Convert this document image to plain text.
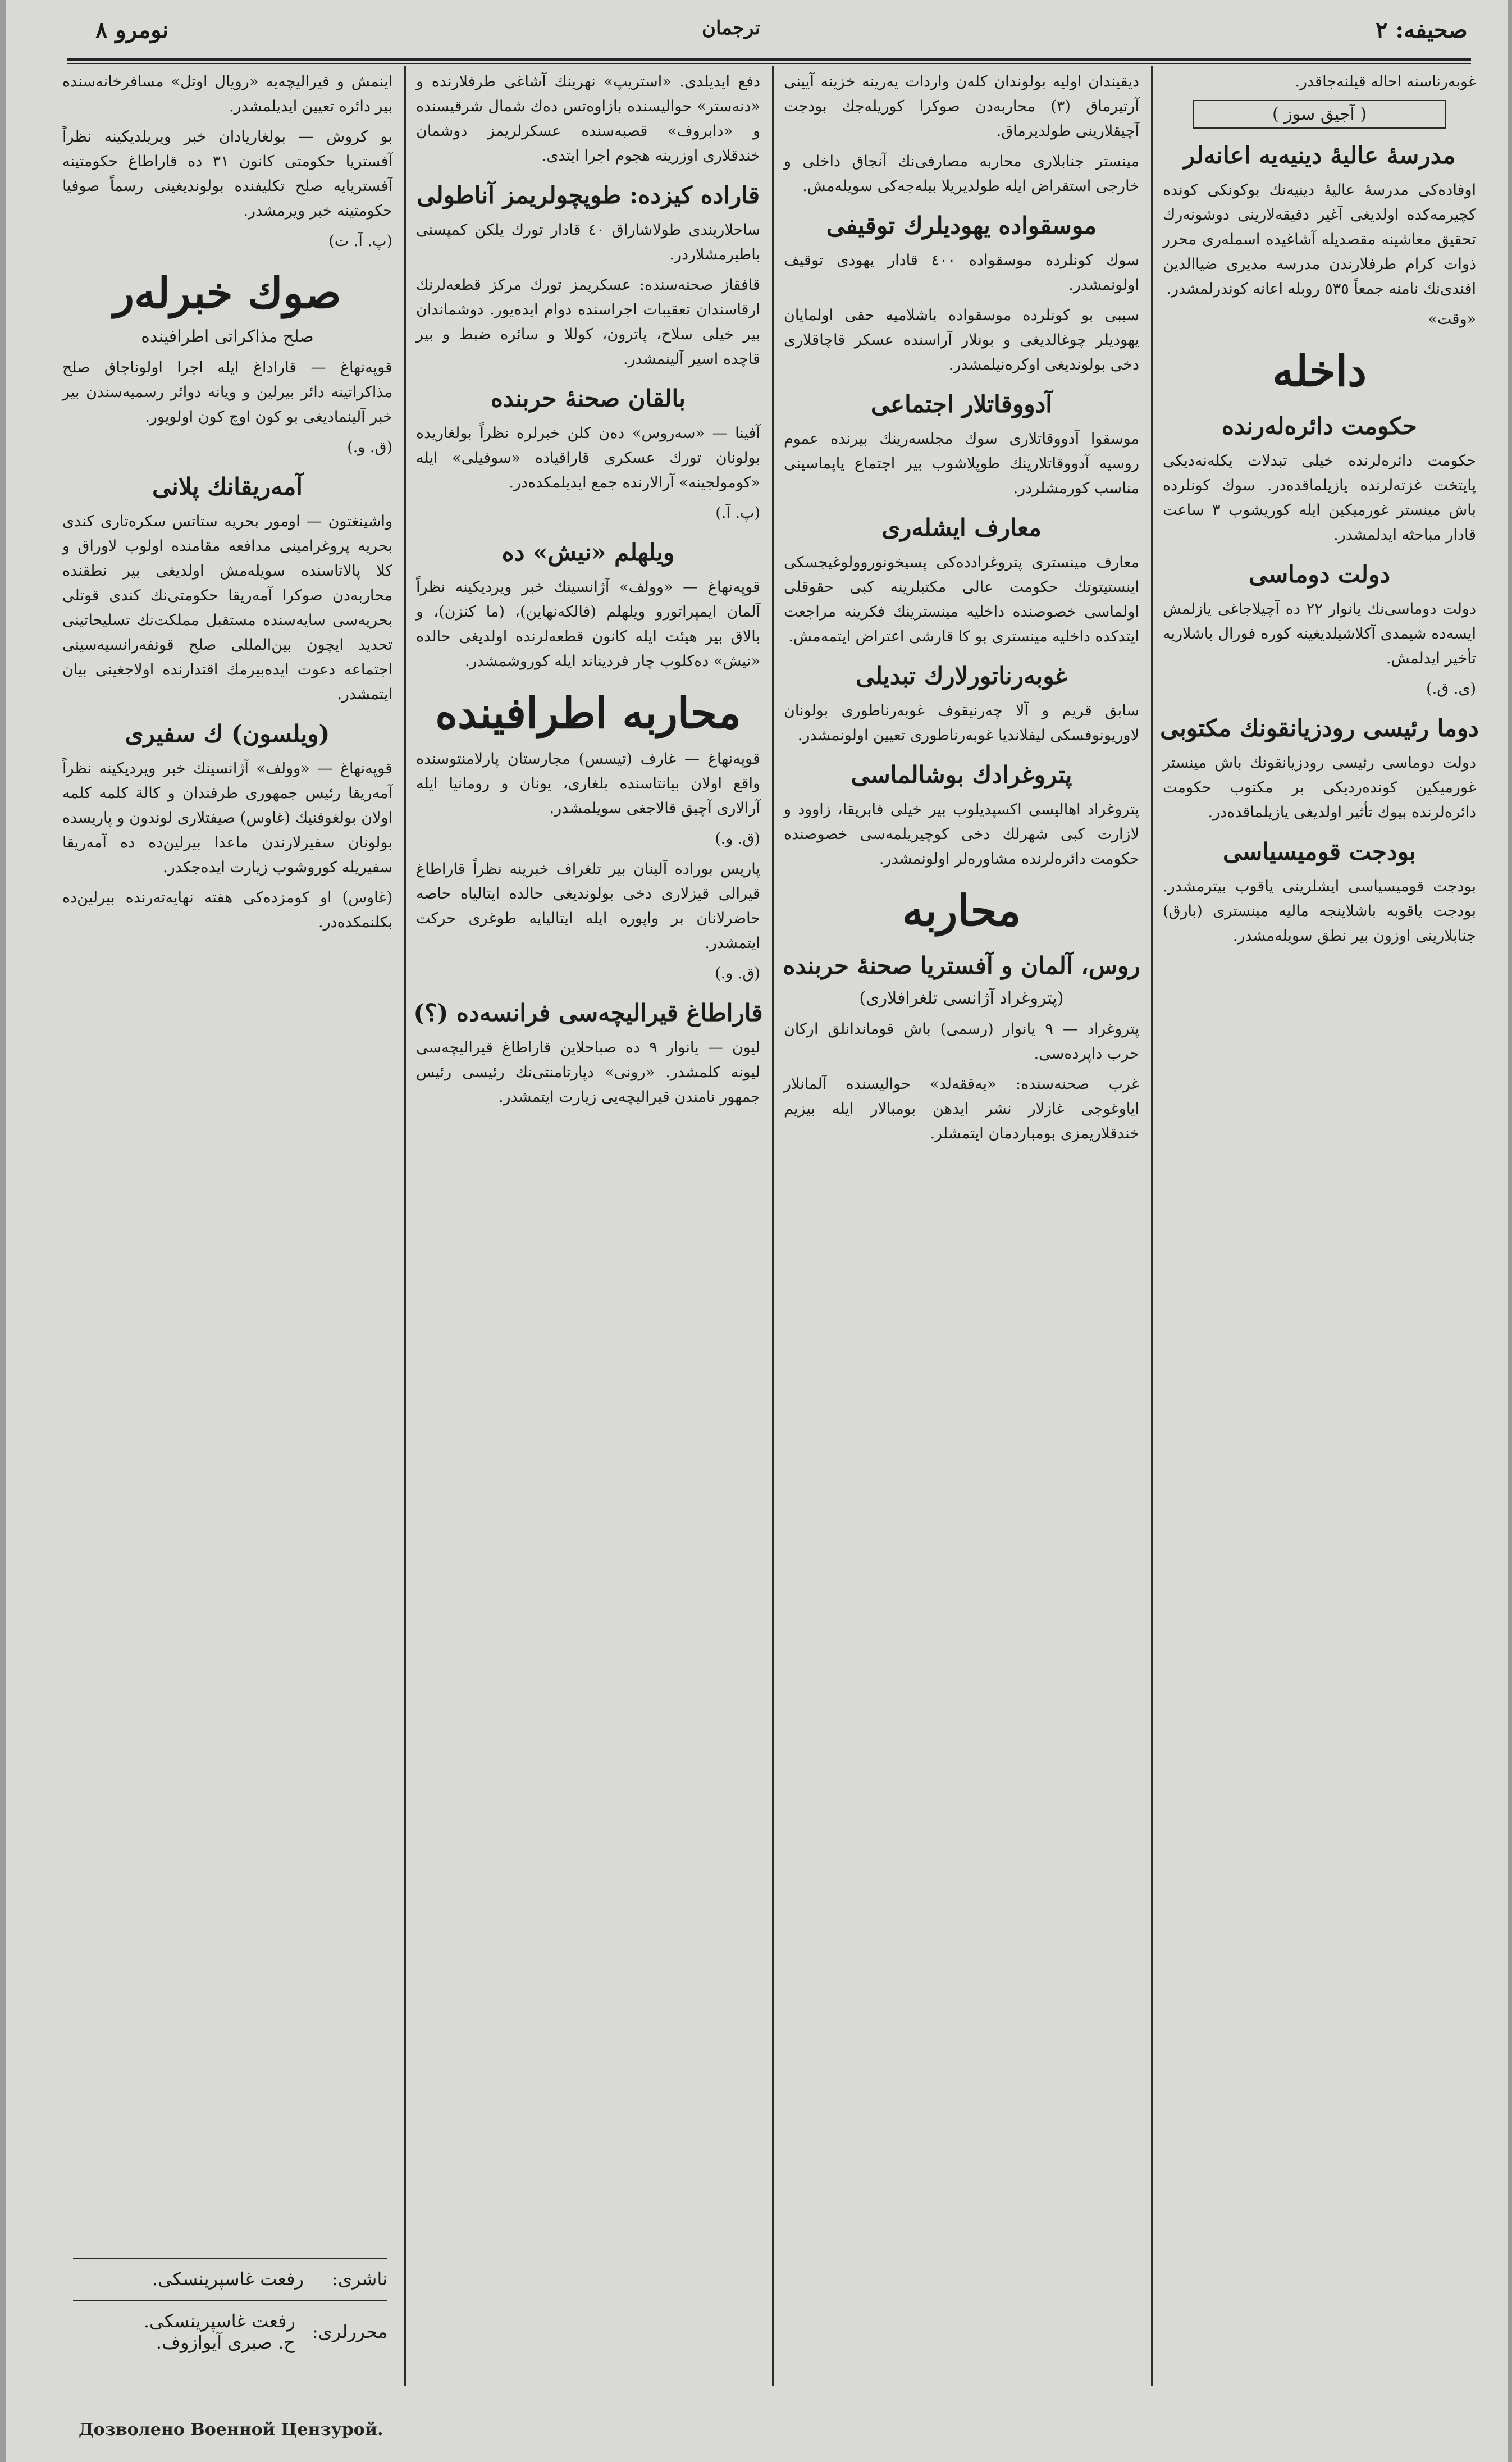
نومرو ٨	ترجمان	صحیفه: ٢
غوبه‌رناسنه احاله قیلنه‌جاقدر.
( آجیق سوز )
مدرسهٔ عالیهٔ دینیه‌یه اعانه‌لر
اوفاده‌کی مدرسهٔ عالیهٔ دینیه‌نك بوکونکی کونده کچیرمه‌کده اولدیغی آغیر دقیقه‌لارینی دوشونه‌رك تحقیق معاشینه مقصدیله آشاغیده اسمله‌ری محرر ذوات کرام طرفلارندن مدرسه مدیری ضیاالدین افندی‌نك نامنه جمعاً ٥٣٥ روبله اعانه کوندرلمشدر.
«وقت»
داخله
حکومت دائره‌له‌رنده
حکومت دائره‌لرنده خیلی تبدلات یکله‌نه‌دیکی پایتخت غزته‌لرنده یازیلماقده‌در. سوك کونلرده باش مینستر غورمیکین ایله کوریشوب ٣ ساعت قادار مباحثه ایدلمشدر.
دولت دوماسی
دولت دوماسی‌نك یانوار ٢٢ ده آچیلاجاغی یازلمش ایسه‌ده شیمدی آکلاشیلدیغینه کوره فورال باشلاریه تأخیر ایدلمش.
(ی. ق.)
دوما رئیسی رودزیانقونك مکتوبی
دولت دوماسی رئیسی رودزیانقونك باش مینستر غورمیکین کونده‌ردیکی بر مکتوب حکومت دائره‌لرنده بیوك تأثیر اولدیغی یازیلماقده‌در.
بودجت قومیسیاسی
بودجت قومیسیاسی ایشلرینی یاقوب بیترمشدر. بودجت یاقوبه باشلاینجه مالیه مینستری (بارق) جنابلارینی اوزون بیر نطق سویله‌مشدر.
دیقیندان اولیه بولوندان کله‌ن واردات یه‌رینه خزینه آیینی آرتیرماق (٣) محاربه‌دن صوکرا کوریله‌جك بودجت آچیقلارینی طولدیرماق.
مینستر جنابلاری محاربه مصارفی‌نك آنجاق داخلی و خارجی استقراض ایله طولدیریلا بیله‌جه‌کی سویله‌مش.
موسقواده یهودیلرك توقیفی
سوك کونلرده موسقواده ٤٠٠ قادار یهودی توقیف اولونمشدر.
سببی بو کونلرده موسقواده باشلامیه حقی اولمایان یهودیلر چوغالدیغی و بونلار آراسنده عسکر قاچاقلاری دخی بولوندیغی اوکره‌نیلمشدر.
آدووقاتلار اجتماعی
موسقوا آدووقاتلاری سوك مجلسه‌رینك بیرنده عموم روسیه آدووقاتلارینك طوپلاشوب بیر اجتماع یاپماسینی مناسب کورمشلردر.
معارف ایشله‌ری
معارف مینستری پتروغرادده‌کی پسیخونوروولوغیجسکی اینستیتوتك حکومت عالی مکتبلرینه کبی حقوقلی اولماسی خصوصنده داخلیه مینسترینك فکرینه مراجعت ایتدکده داخلیه مینستری بو کا قارشی اعتراض ایتمه‌مش.
غوبه‌رناتورلارك تبدیلی
سابق قریم و آلا چه‌رنیقوف غوبه‌رناطوری بولونان لاوریونوفسکی لیفلاندیا غوبه‌رناطوری تعیین اولونمشدر.
پتروغرادك بوشالماسی
پتروغراد اهالیسی اکسپدیلوب بیر خیلی فابریقا، زاوود و لازارت کبی شهرلك دخی کوچیریلمه‌سی خصوصنده حکومت دائره‌لرنده مشاوره‌لر اولونمشدر.
محاربه
روس، آلمان و آفستریا صحنهٔ حربنده
(پتروغراد آژانسی تلغرافلاری)
پتروغراد — ٩ یانوار (رسمی) باش قوماندانلق ارکان حرب داپرده‌سی.
غرب صحنه‌سنده: «یه‌ققه‌لد» حوالیسنده آلمانلار ایاوغوجی غازلار نشر ایدهن بومبالار ایله بیزیم خندقلاریمزی بومباردمان ایتمشلر.
دفع ایدیلدی. «استریپ» نهرینك آشاغی طرفلارنده و «دنه‌ستر» حوالیسنده بازاوه‌تس ده‌ك شمال شرقیسنده و «دابروف» قصبه‌سنده عسکرلریمز دوشمان خندقلاری اوزرینه هجوم اجرا ایتدی.
قاراده کیزده: طوپچولریمز آناطولی
ساحلاریندی طولاشاراق ٤٠ قادار تورك یلکن کمپسنی باطیرمشلاردر.
قافقاز صحنه‌سنده: عسکریمز تورك مرکز قطعه‌لرنك ارقاسندان تعقیبات اجراسنده دوام ایده‌یور. دوشماندان بیر خیلی سلاح، پاترون، کوللا و سائره ضبط و بیر قاچده اسیر آلینمشدر.
بالقان صحنهٔ حربنده
آفینا — «سه‌روس» ده‌ن کلن خبرلره نظراً بولغاریده بولونان تورك عسکری قاراقیاده «سوفیلی» ایله «کومولجینه» آرالارنده جمع ایدیلمکده‌در.
(پ. آ.)
ویلهلم «نیش» ده
قوپه‌نهاغ — «وولف» آژانسینك خبر ویردیکینه نظراً آلمان ایمپراتورو ویلهلم (فالکه‌نهاین)، (ما کنزن)، و بالاق بیر هیئت ایله کانون قطعه‌لرنده اولدیغی حالده «نیش» ده‌کلوب چار فردیناند ایله کوروشمشدر.
محاربه اطرافینده
قوپه‌نهاغ — غارف (تیسس) مجارستان پارلامنتوسنده واقع اولان بیانتاسنده بلغاری، یونان و رومانیا ایله آرالاری آچیق قالاجغی سویلمشدر.
(ق. و.)
پاریس بوراده آلینان بیر تلغراف خبرینه نظراً قاراطاغ قیرالی قیزلاری دخی بولوندیغی حالده ایتالیاه حاصه حاضرلانان بر واپوره ایله ایتالیایه طوغری حرکت ایتمشدر.
(ق. و.)
قاراطاغ قیرالیچه‌سی فرانسه‌ده (؟)
لیون — یانوار ٩ ده صباحلاین قاراطاغ قیرالیچه‌سی لیونه کلمشدر. «رونی» دپارتامنتی‌نك رئیسی رئیس جمهور نامندن قیرالیچه‌یی زیارت ایتمشدر.
اینمش و قیرالیچه‌یه «رویال اوتل» مسافرخانه‌سنده بیر دائره تعیین ایدیلمشدر.
بو کروش — بولغاریادان خبر ویریلدیکینه نظراً آفستریا حکومتی کانون ٣١ ده قاراطاغ حکومتینه آفستریایه صلح تکلیفنده بولوندیغینی رسماً صوفیا حکومتینه خبر ویرمشدر.
(پ. آ. ت)
صوك خبرله‌ر
صلح مذاکراتی اطرافینده
قوپه‌نهاغ — قاراداغ ایله اجرا اولونا‌جاق صلح مذاکراتینه دائر بیرلین و ویانه دوائر رسمیه‌سندن بیر خبر آلینمادیغی بو کون اوچ کون اولویور.
(ق. و.)
آمه‌ریقانك پلانی
واشینغتون — اومور بحریه ستاتس سکره‌تاری کندی بحریه پروغرامینی مدافعه مقامنده اولوب لاوراق و کلا پالاتاسنده سویله‌مش اولدیغی بیر نطقنده محاربه‌دن صوکرا آمه‌ریقا حکومتی‌نك کندی قوتلی بحریه‌سی سایه‌سنده مستقبل مملکت‌نك تسلیحاتینی تحدید ایچون بین‌المللی صلح قونفه‌رانسیه‌سینی اجتماعه دعوت ایده‌بیرمك اقتدارنده اولاجغینی بیان ایتمشدر.
(ویلسون) ك سفیری
قوپه‌نهاغ — «وولف» آژانسینك خبر ویردیکینه نظراً آمه‌ریقا رئیس جمهوری طرفندان و کالة کلمه کلمه اولان بولغوفنیك (غاوس) صیفتلاری لوندون و پاریسده بولونان سفیرلارندن ماعدا بیرلین‌ده ده آمه‌ریقا سفیریله کوروشوب زیارت ایده‌جکدر.
(غاوس) او کومزده‌کی هفته نهایه‌ته‌رنده بیرلین‌ده بکلنمکده‌در.
Дозволено Военной Цензурой.
ناشری: رفعت غاسپرینسکی.
محررلری:
رفعت غاسپرینسکی.
ح. صبری آیوازوف.
